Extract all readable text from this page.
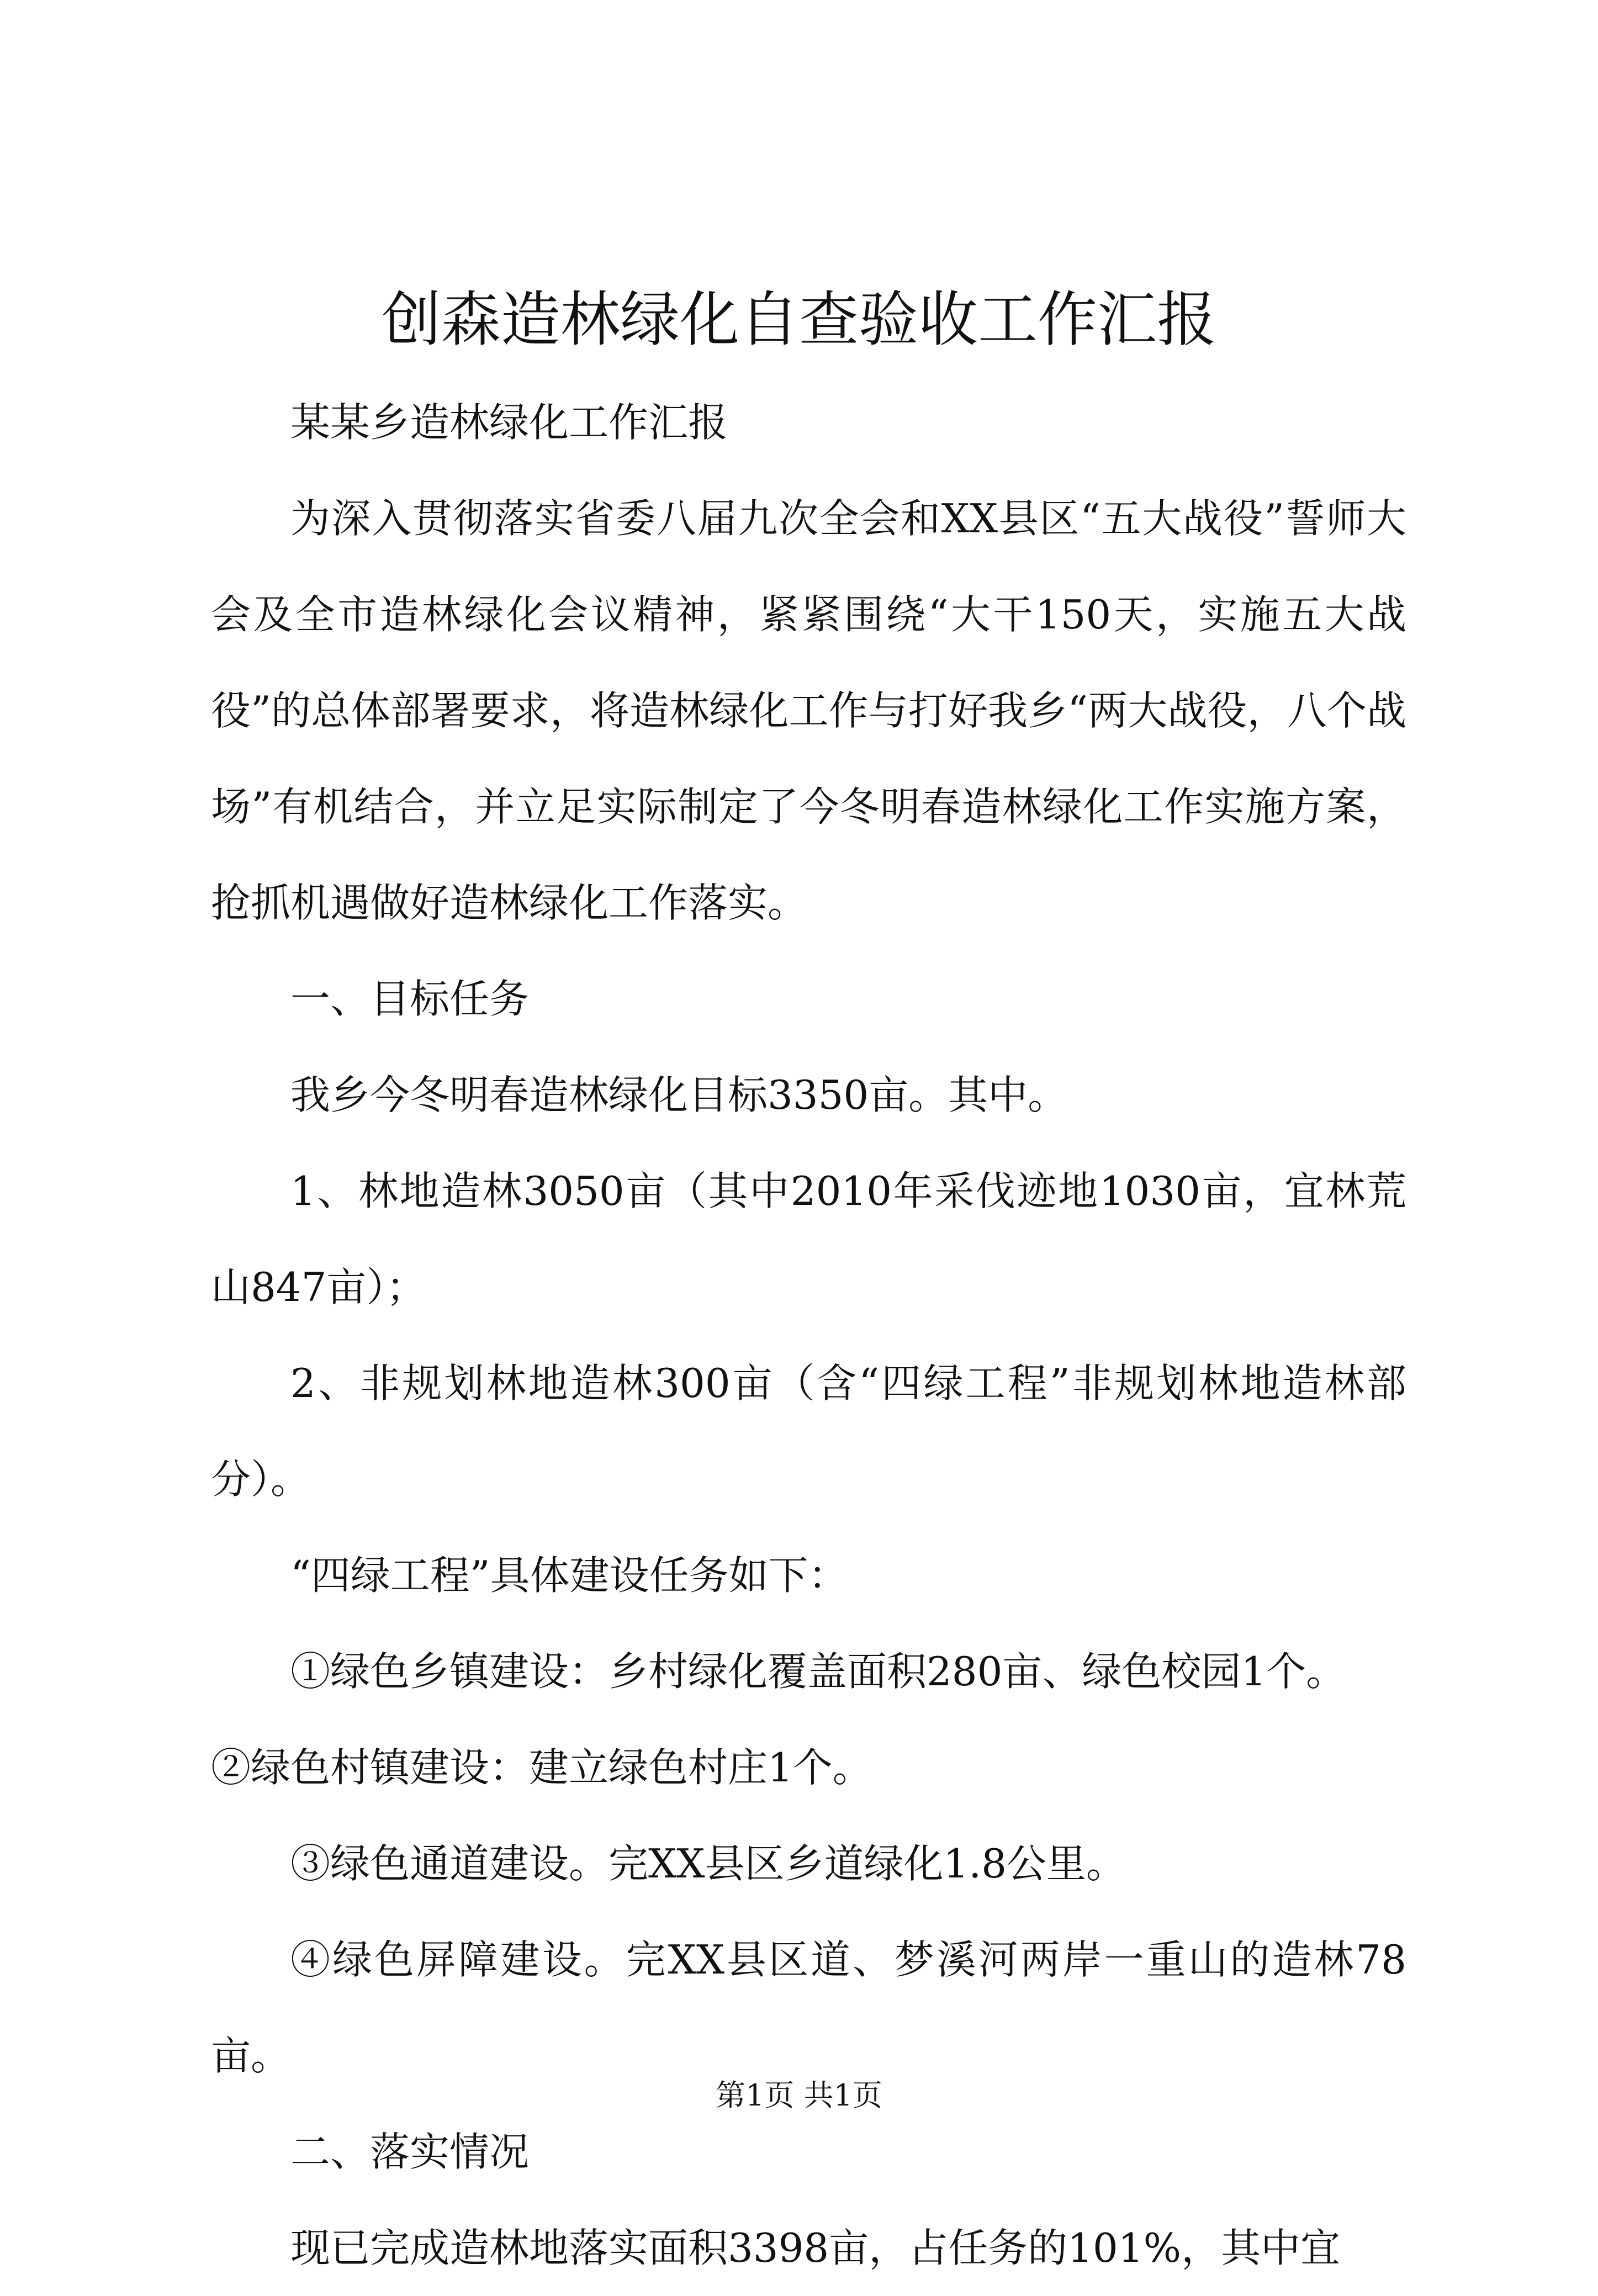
创森造林绿化自查验收工作汇报

某某乡造林绿化工作汇报

为深入贯彻落实省委八届九次全会和XX县区“五大战役”誓师大会及全市造林绿化会议精神，紧紧围绕“大干150天，实施五大战役”的总体部署要求，将造林绿化工作与打好我乡“两大战役，八个战场”有机结合，并立足实际制定了今冬明春造林绿化工作实施方案，抢抓机遇做好造林绿化工作落实。

一、目标任务

我乡今冬明春造林绿化目标3350亩。其中。

1、林地造林3050亩（其中2010年采伐迹地1030亩，宜林荒山847亩）；

2、非规划林地造林300亩（含“四绿工程”非规划林地造林部分）。

“四绿工程”具体建设任务如下：

①绿色乡镇建设：乡村绿化覆盖面积280亩、绿色校园1个。

②绿色村镇建设：建立绿色村庄1个。

③绿色通道建设。完XX县区乡道绿化1.8公里。

④绿色屏障建设。完XX县区道、梦溪河两岸一重山的造林78亩。

二、落实情况

现已完成造林地落实面积3398亩，占任务的101%，其中宜

第1页 共1页
